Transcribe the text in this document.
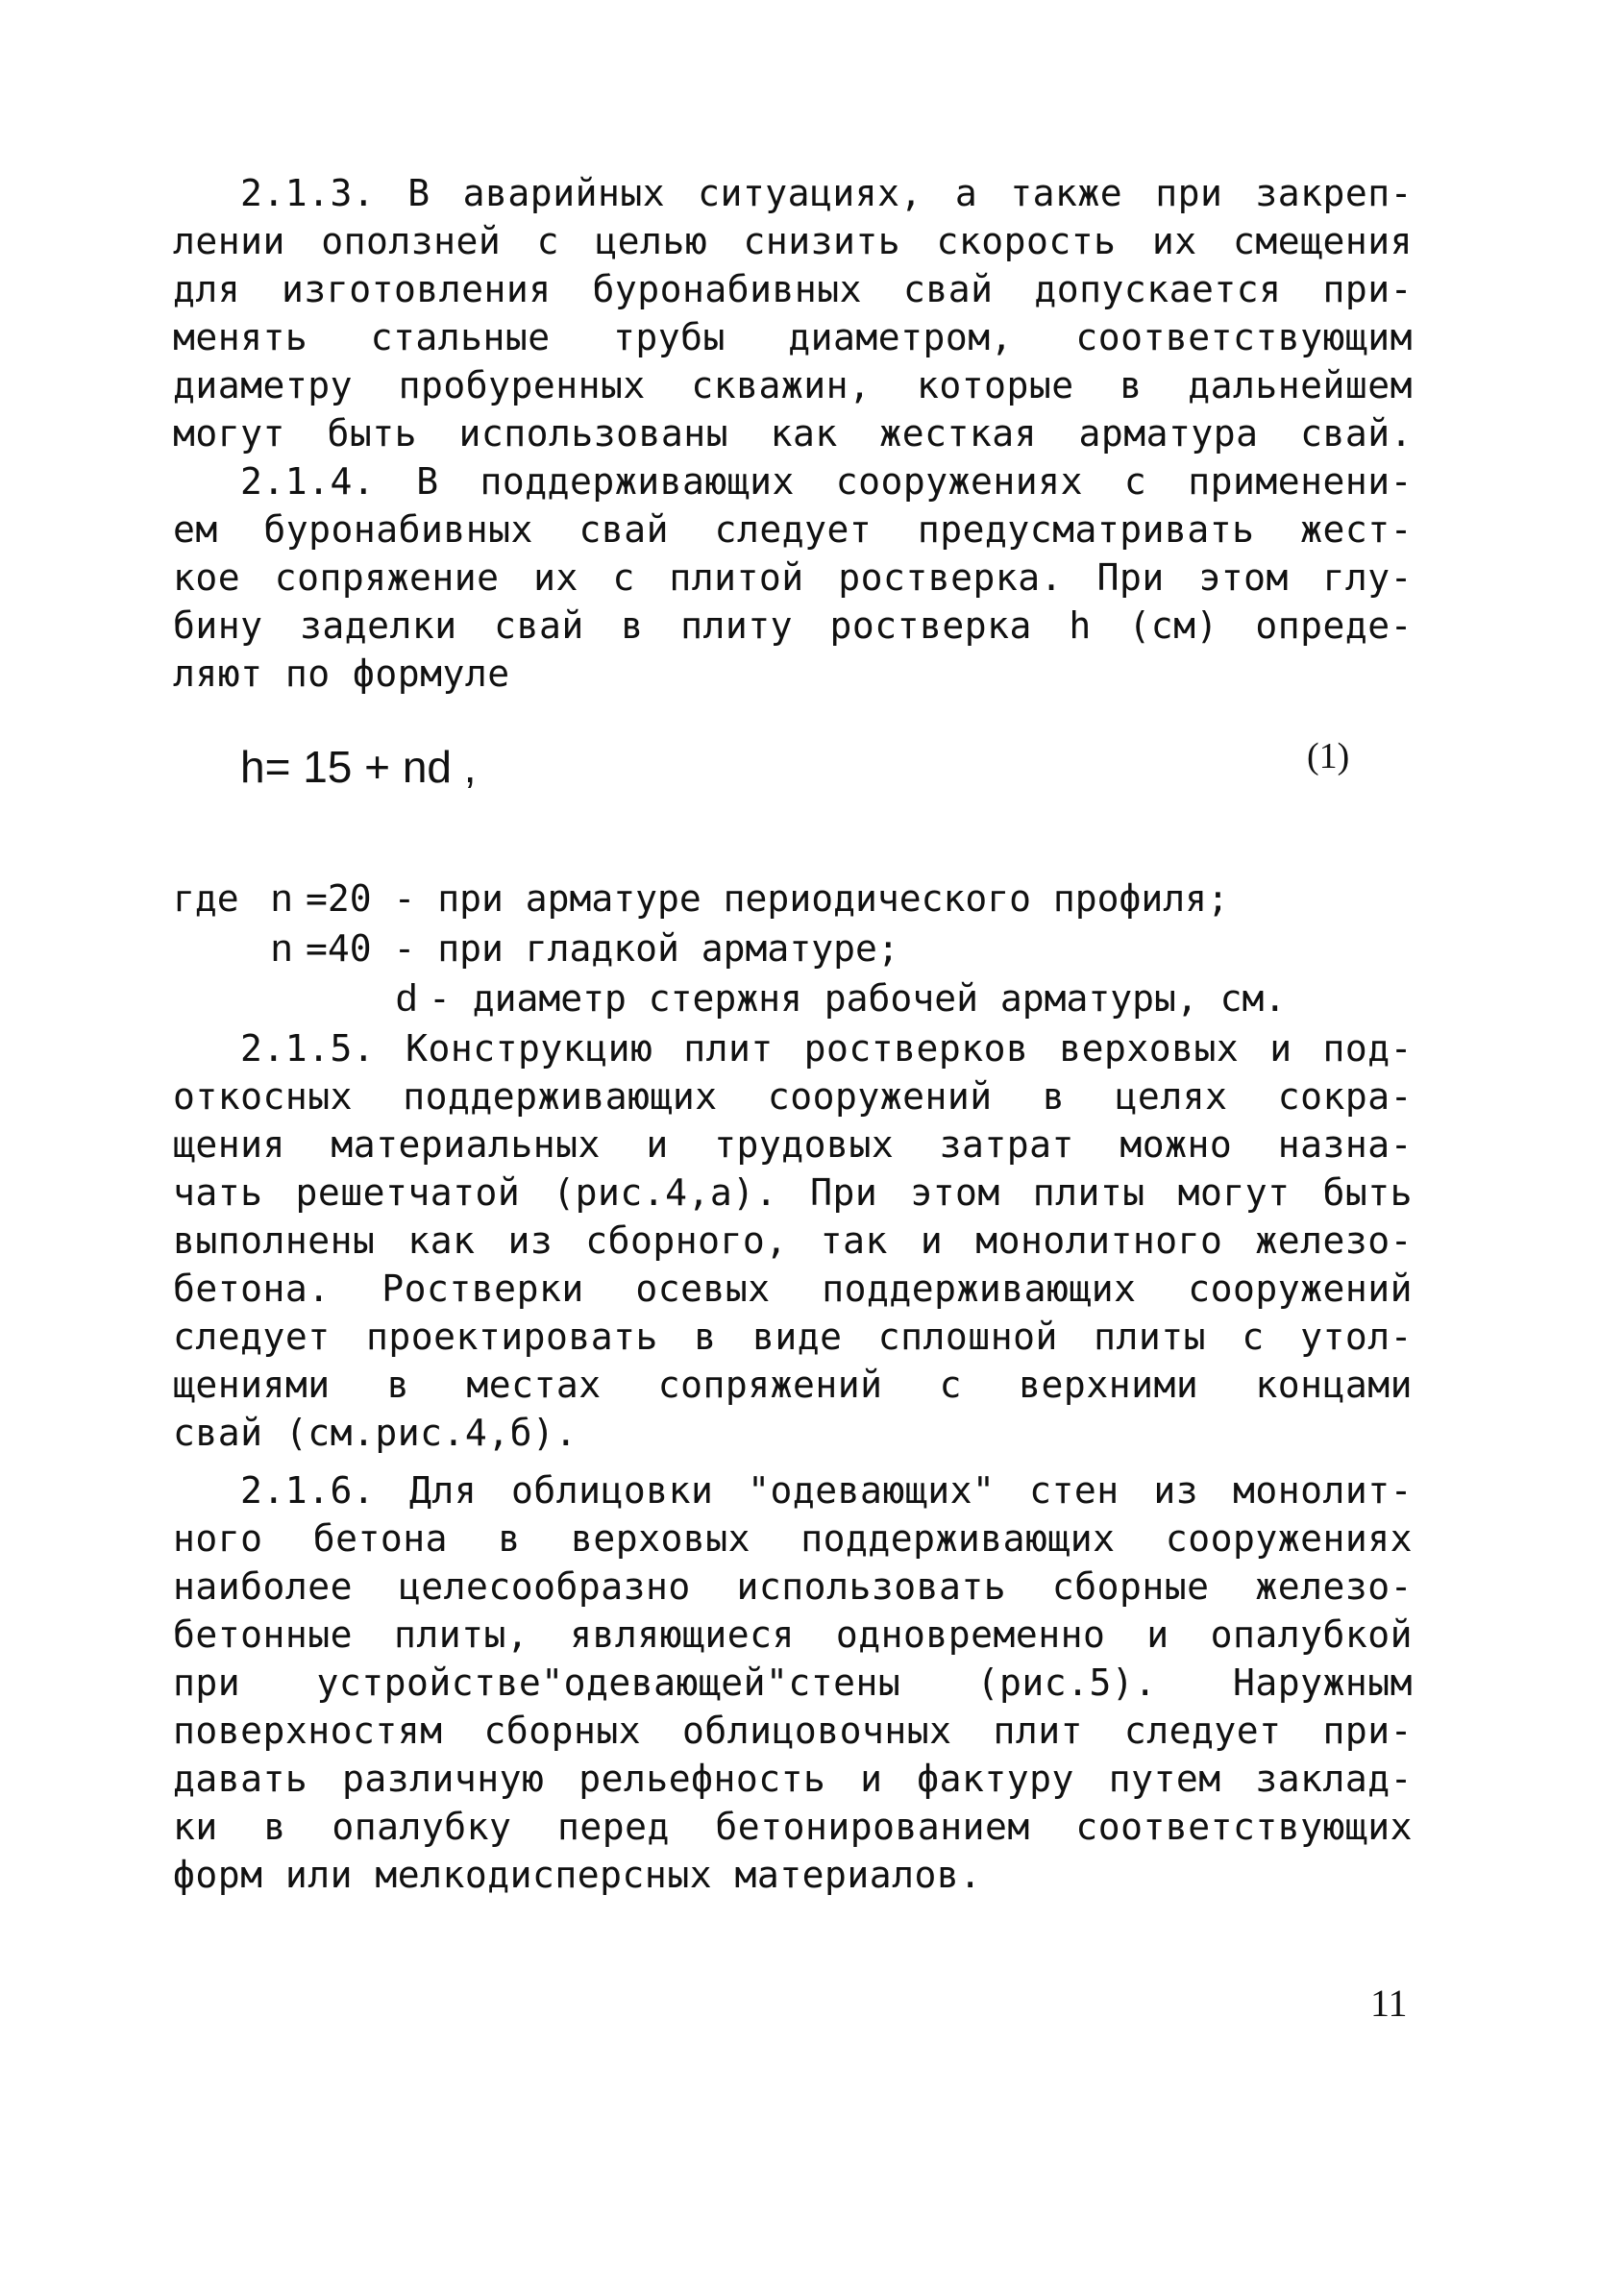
2.1.3. В аварийных ситуациях, а также при закреп-
лении оползней с целью снизить скорость их смещения
для изготовления буронабивных свай допускается при-
менять стальные трубы диаметром, соответствующим
диаметру пробуренных скважин, которые в дальнейшем
могут быть использованы как жесткая арматура свай.
2.1.4. В поддерживающих сооружениях с применени-
ем буронабивных свай следует предусматривать жест-
кое сопряжение их с плитой ростверка. При этом глу-
бину заделки свай в плиту ростверка h (см) опреде-
ляют по формуле
h= 15 + nd ,	(1)
где n =20 - при арматуре периодического профиля;
n =40 - при гладкой арматуре;
d - диаметр стержня рабочей арматуры, см.
2.1.5. Конструкцию плит ростверков верховых и под-
откосных поддерживающих сооружений в целях сокра-
щения материальных и трудовых затрат можно назна-
чать решетчатой (рис.4,а). При этом плиты могут быть
выполнены как из сборного, так и монолитного железо-
бетона. Ростверки осевых поддерживающих сооружений
следует проектировать в виде сплошной плиты с утол-
щениями в местах сопряжений с верхними концами
свай (см.рис.4,б).
2.1.6. Для облицовки "одевающих" стен из монолит-
ного бетона в верховых поддерживающих сооружениях
наиболее целесообразно использовать сборные железо-
бетонные плиты, являющиеся одновременно и опалубкой
при устройстве"одевающей"стены (рис.5). Наружным
поверхностям сборных облицовочных плит следует при-
давать различную рельефность и фактуру путем заклад-
ки в опалубку перед бетонированием соответствующих
форм или мелкодисперсных материалов.
11
